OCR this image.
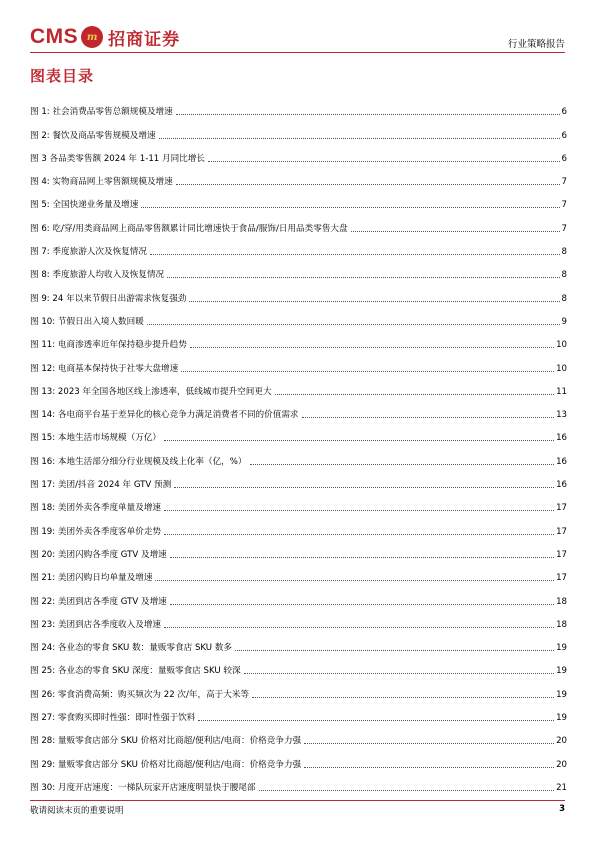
CMS m 招商证券	行业策略报告
图表目录
图 1: 社会消费品零售总额规模及增速	6
图 2: 餐饮及商品零售规模及增速	6
图 3 各品类零售额 2024 年 1-11 月同比增长	6
图 4: 实物商品网上零售额规模及增速	7
图 5: 全国快递业务量及增速	7
图 6: 吃/穿/用类商品网上商品零售额累计同比增速快于食品/服饰/日用品类零售大盘	7
图 7: 季度旅游人次及恢复情况	8
图 8: 季度旅游人均收入及恢复情况	8
图 9: 24 年以来节假日出游需求恢复强劲	8
图 10: 节假日出入境人数回暖	9
图 11: 电商渗透率近年保持稳步提升趋势	10
图 12: 电商基本保持快于社零大盘增速	10
图 13: 2023 年全国各地区线上渗透率，低线城市提升空间更大	11
图 14: 各电商平台基于差异化的核心竞争力满足消费者不同的价值需求	13
图 15: 本地生活市场规模（万亿）	16
图 16: 本地生活部分细分行业规模及线上化率（亿，%）	16
图 17: 美团/抖音 2024 年 GTV 预测	16
图 18: 美团外卖各季度单量及增速	17
图 19: 美团外卖各季度客单价走势	17
图 20: 美团闪购各季度 GTV 及增速	17
图 21: 美团闪购日均单量及增速	17
图 22: 美团到店各季度 GTV 及增速	18
图 23: 美团到店各季度收入及增速	18
图 24: 各业态的零食 SKU 数：量贩零食店 SKU 数多	19
图 25: 各业态的零食 SKU 深度：量贩零食店 SKU 较深	19
图 26: 零食消费高频：购买频次为 22 次/年，高于大米等	19
图 27: 零食购买即时性强：即时性强于饮料	19
图 28: 量贩零食店部分 SKU 价格对比商超/便利店/电商：价格竞争力强	20
图 29: 量贩零食店部分 SKU 价格对比商超/便利店/电商：价格竞争力强	20
图 30: 月度开店速度：一梯队玩家开店速度明显快于腰尾部	21
敬请阅读末页的重要说明	3
